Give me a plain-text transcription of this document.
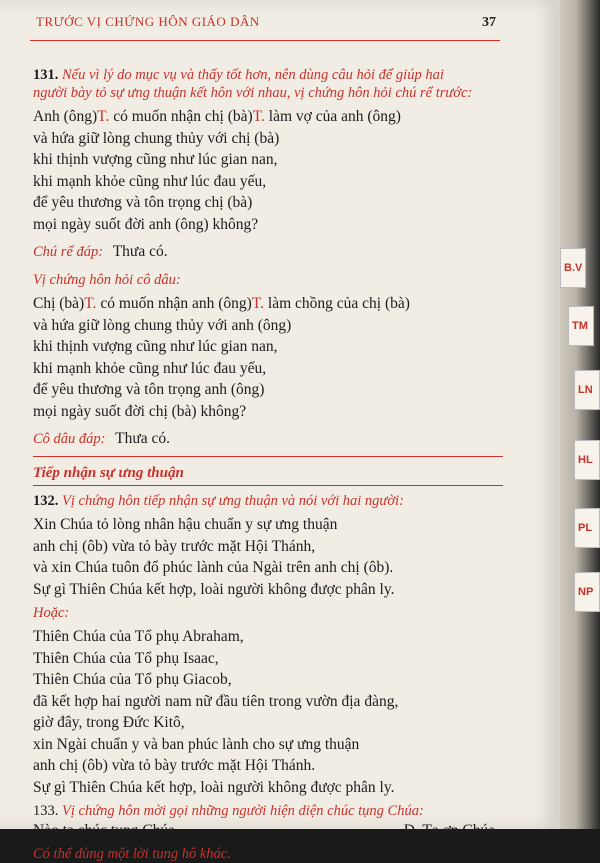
TRƯỚC VỊ CHỨNG HÔN GIÁO DÂN	37
131. Nếu vì lý do mục vụ và thấy tốt hơn, nên dùng câu hỏi để giúp hai
người bày tỏ sự ưng thuận kết hôn với nhau, vị chứng hôn hỏi chú rể trước:
Anh (ông)T. có muốn nhận chị (bà)T. làm vợ của anh (ông)
và hứa giữ lòng chung thủy với chị (bà)
khi thịnh vượng cũng như lúc gian nan,
khi mạnh khỏe cũng như lúc đau yếu,
để yêu thương và tôn trọng chị (bà)
mọi ngày suốt đời anh (ông) không?
Chú rể đáp: Thưa có.
Vị chứng hôn hỏi cô dâu:
Chị (bà)T. có muốn nhận anh (ông)T. làm chồng của chị (bà)
và hứa giữ lòng chung thủy với anh (ông)
khi thịnh vượng cũng như lúc gian nan,
khi mạnh khỏe cũng như lúc đau yếu,
để yêu thương và tôn trọng anh (ông)
mọi ngày suốt đời chị (bà) không?
Cô dâu đáp: Thưa có.
Tiếp nhận sự ưng thuận
132. Vị chứng hôn tiếp nhận sự ưng thuận và nói với hai người:
Xin Chúa tỏ lòng nhân hậu chuẩn y sự ưng thuận
anh chị (ôb) vừa tỏ bày trước mặt Hội Thánh,
và xin Chúa tuôn đổ phúc lành của Ngài trên anh chị (ôb).
Sự gì Thiên Chúa kết hợp, loài người không được phân ly.
Hoặc:
Thiên Chúa của Tổ phụ Abraham,
Thiên Chúa của Tổ phụ Isaac,
Thiên Chúa của Tổ phụ Giacob,
đã kết hợp hai người nam nữ đầu tiên trong vườn địa đàng,
giờ đây, trong Đức Kitô,
xin Ngài chuẩn y và ban phúc lành cho sự ưng thuận
anh chị (ôb) vừa tỏ bày trước mặt Hội Thánh.
Sự gì Thiên Chúa kết hợp, loài người không được phân ly.
133. Vị chứng hôn mời gọi những người hiện diện chúc tụng Chúa:
Nào ta chúc tụng Chúa.	Đ. Tạ ơn Chúa.
Có thể dùng một lời tung hô khác.
B.V
TM
LN
HL
PL
NP
